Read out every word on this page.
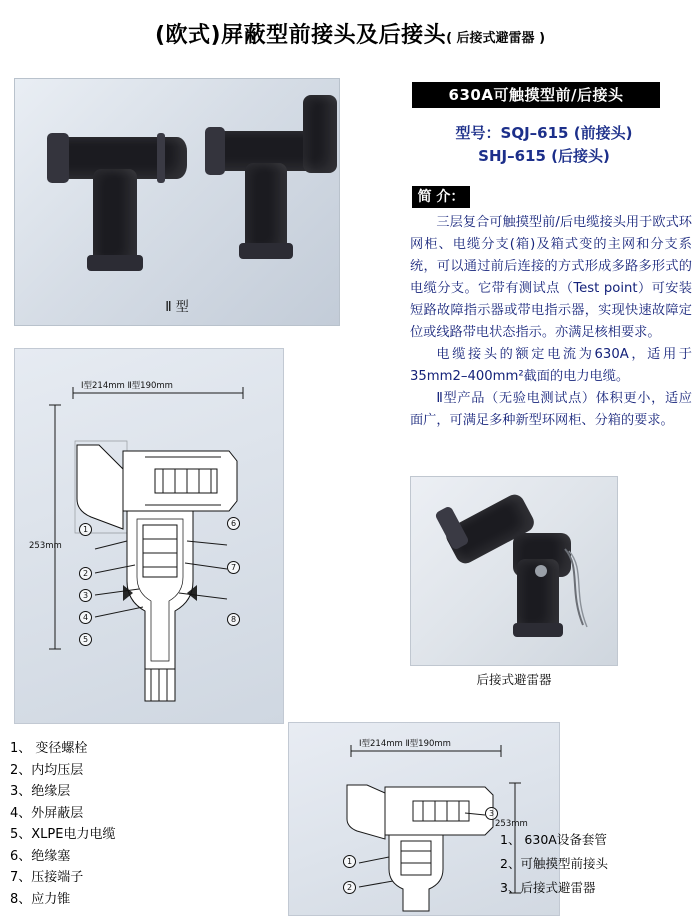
(欧式)屏蔽型前接头及后接头( 后接式避雷器 )
Ⅱ 型
630A可触摸型前/后接头
型号：SQJ–615 (前接头)
SHJ–615 (后接头)
简 介：

三层复合可触摸型前/后电缆接头用于欧式环网柜、电缆分支(箱)及箱式变的主网和分支系统，可以通过前后连接的方式形成多路多形式的电缆分支。它带有测试点（Test point）可安装短路故障指示器或带电指示器，实现快速故障定位或线路带电状态指示。亦满足核相要求。

电缆接头的额定电流为630A，适用于35mm2–400mm²截面的电力电缆。

Ⅱ型产品（无验电测试点）体积更小，适应面广，可满足多种新型环网柜、分箱的要求。

后接式避雷器
Ⅰ型214mm Ⅱ型190mm
253mm
1
2
3
4
5
6
7
8
Ⅰ型214mm Ⅱ型190mm
253mm
1
2
3
1、 变径螺栓
2、内均压层
3、绝缘层
4、外屏蔽层
5、XLPE电力电缆
6、绝缘塞
7、压接端子
8、应力锥
1、 630A设备套管
2、可触摸型前接头
3、后接式避雷器
